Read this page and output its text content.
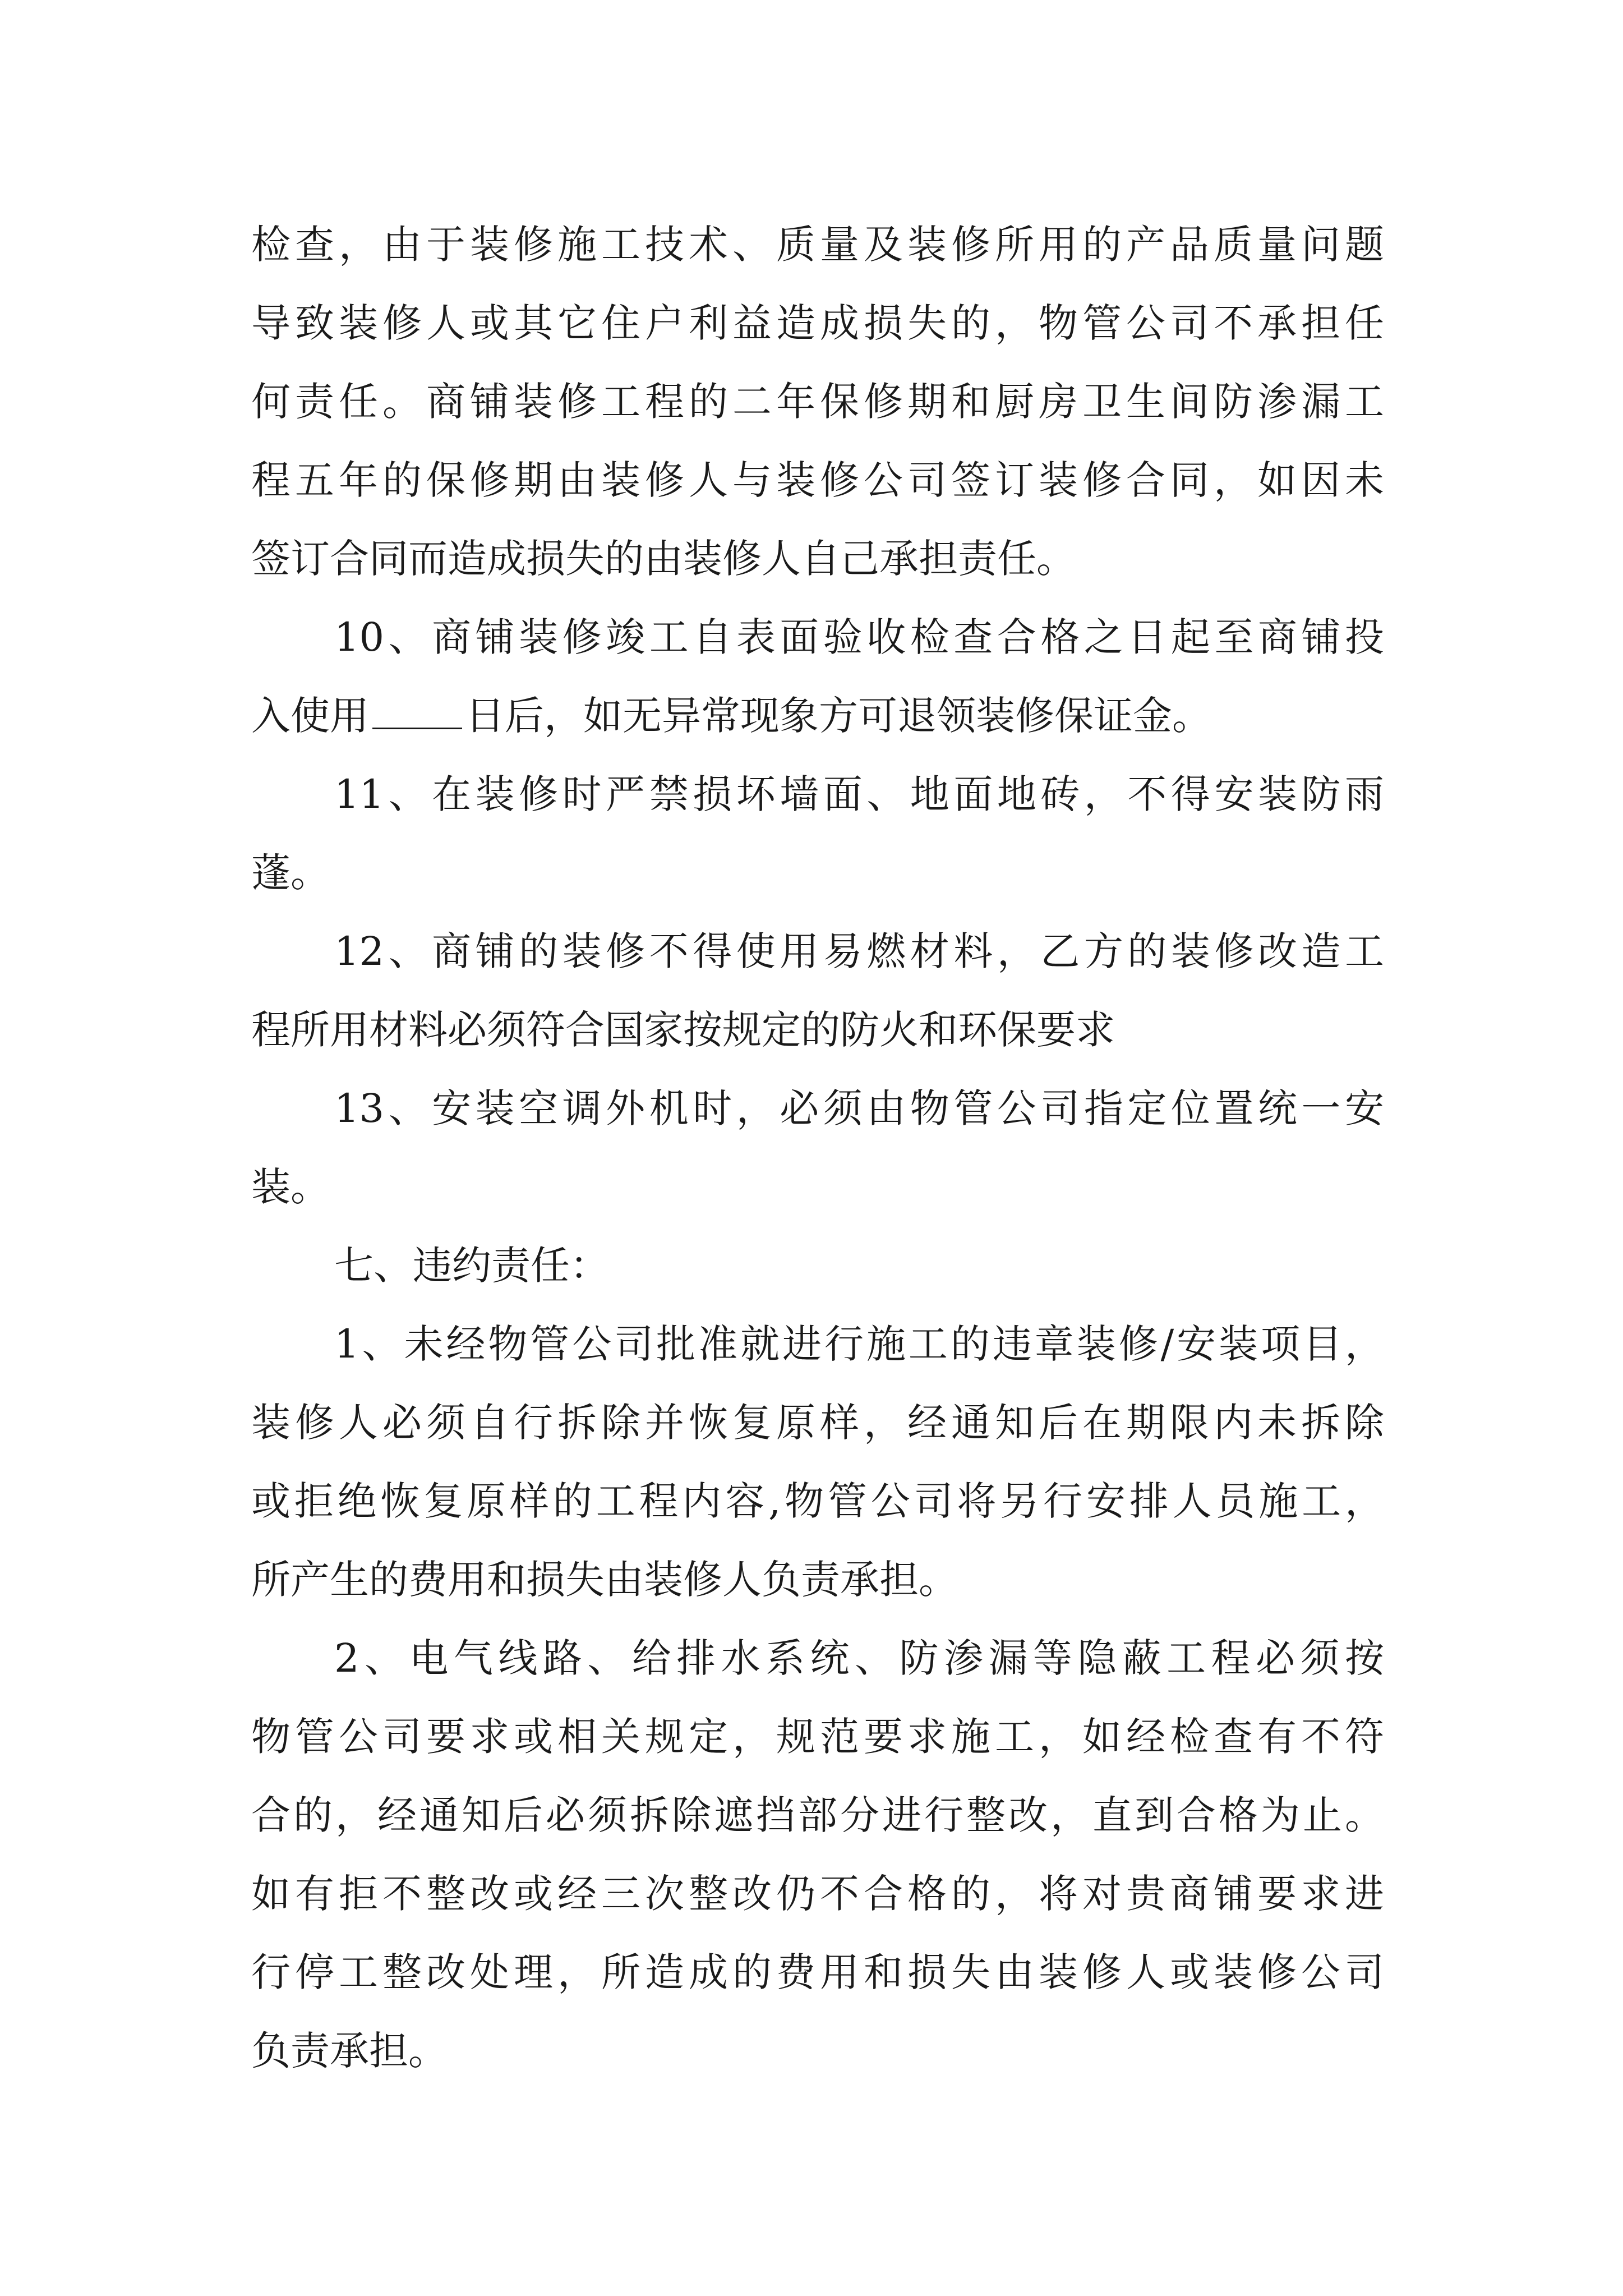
检查，由于装修施工技术、质量及装修所用的产品质量问题
导致装修人或其它住户利益造成损失的，物管公司不承担任
何责任。商铺装修工程的二年保修期和厨房卫生间防渗漏工
程五年的保修期由装修人与装修公司签订装修合同，如因未
签订合同而造成损失的由装修人自己承担责任。
10、商铺装修竣工自表面验收检查合格之日起至商铺投
入使用 日后，如无异常现象方可退领装修保证金。
11、在装修时严禁损坏墙面、地面地砖，不得安装防雨
蓬。
12、商铺的装修不得使用易燃材料，乙方的装修改造工
程所用材料必须符合国家按规定的防火和环保要求
13、安装空调外机时，必须由物管公司指定位置统一安
装。
七、违约责任：
1、未经物管公司批准就进行施工的违章装修/安装项目，
装修人必须自行拆除并恢复原样，经通知后在期限内未拆除
或拒绝恢复原样的工程内容,物管公司将另行安排人员施工，
所产生的费用和损失由装修人负责承担。
2、电气线路、给排水系统、防渗漏等隐蔽工程必须按
物管公司要求或相关规定，规范要求施工，如经检查有不符
合的，经通知后必须拆除遮挡部分进行整改，直到合格为止。
如有拒不整改或经三次整改仍不合格的，将对贵商铺要求进
行停工整改处理，所造成的费用和损失由装修人或装修公司
负责承担。
